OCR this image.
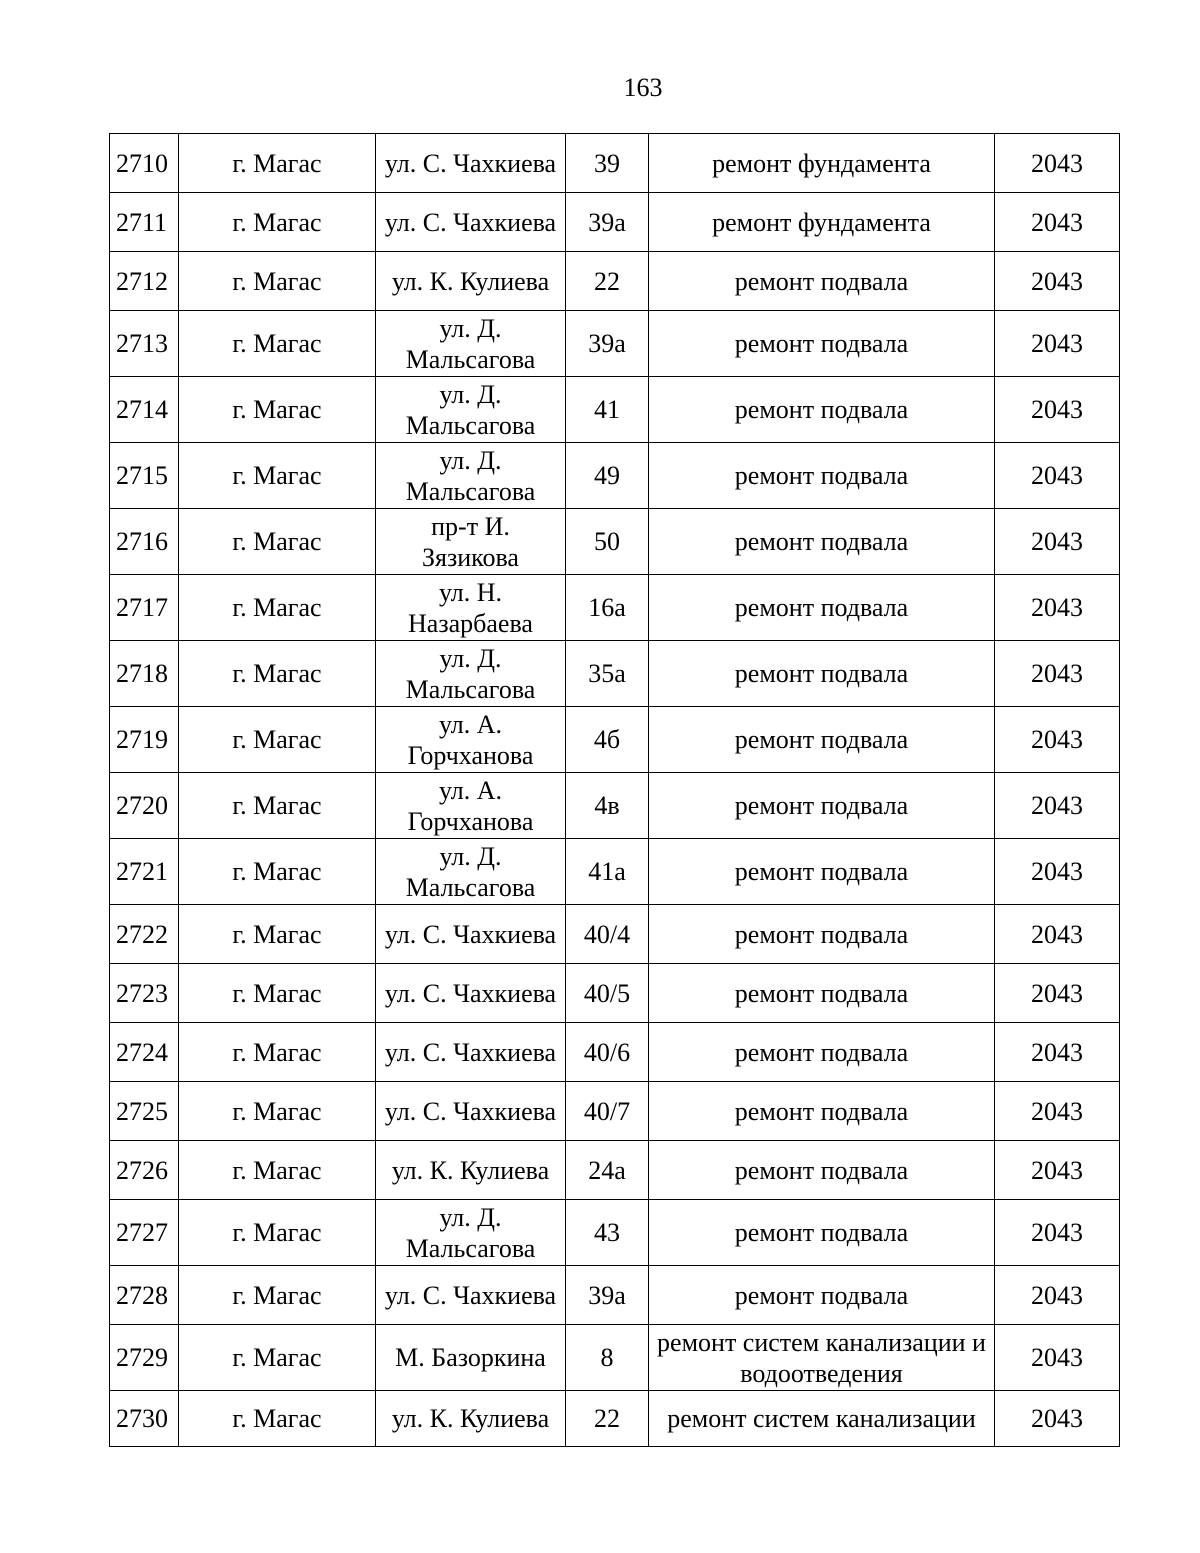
163
2710	г. Магас	ул. С. Чахкиева	39	ремонт фундамента	2043
2711	г. Магас	ул. С. Чахкиева	39а	ремонт фундамента	2043
2712	г. Магас	ул. К. Кулиева	22	ремонт подвала	2043
2713	г. Магас	ул. Д. Мальсагова	39а	ремонт подвала	2043
2714	г. Магас	ул. Д. Мальсагова	41	ремонт подвала	2043
2715	г. Магас	ул. Д. Мальсагова	49	ремонт подвала	2043
2716	г. Магас	пр-т И. Зязикова	50	ремонт подвала	2043
2717	г. Магас	ул. Н. Назарбаева	16а	ремонт подвала	2043
2718	г. Магас	ул. Д. Мальсагова	35а	ремонт подвала	2043
2719	г. Магас	ул. А. Горчханова	4б	ремонт подвала	2043
2720	г. Магас	ул. А. Горчханова	4в	ремонт подвала	2043
2721	г. Магас	ул. Д. Мальсагова	41а	ремонт подвала	2043
2722	г. Магас	ул. С. Чахкиева	40/4	ремонт подвала	2043
2723	г. Магас	ул. С. Чахкиева	40/5	ремонт подвала	2043
2724	г. Магас	ул. С. Чахкиева	40/6	ремонт подвала	2043
2725	г. Магас	ул. С. Чахкиева	40/7	ремонт подвала	2043
2726	г. Магас	ул. К. Кулиева	24а	ремонт подвала	2043
2727	г. Магас	ул. Д. Мальсагова	43	ремонт подвала	2043
2728	г. Магас	ул. С. Чахкиева	39а	ремонт подвала	2043
2729	г. Магас	М. Базоркина	8	ремонт систем канализации и водоотведения	2043
2730	г. Магас	ул. К. Кулиева	22	ремонт систем канализации	2043
